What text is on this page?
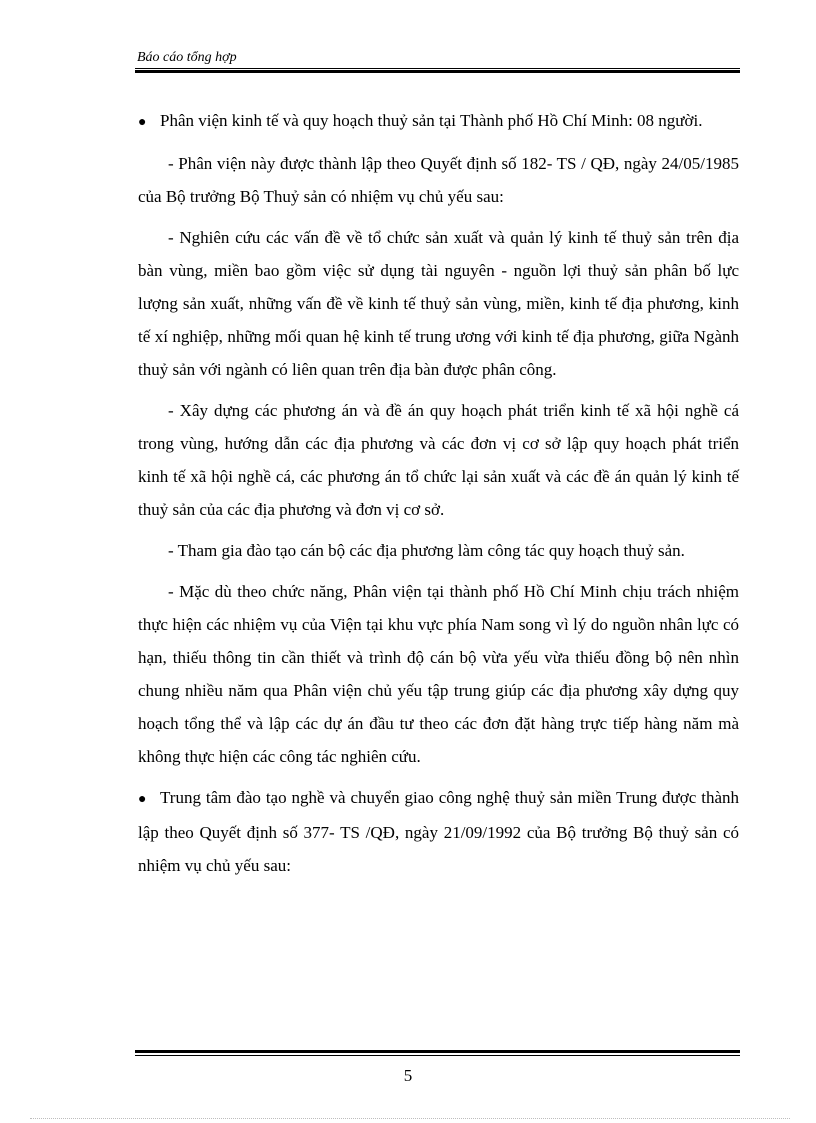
Báo cáo tổng hợp

● Phân viện kinh tế và quy hoạch thuỷ sản tại Thành phố Hồ Chí Minh: 08 người.

- Phân viện này được thành lập theo Quyết định số 182- TS / QĐ, ngày 24/05/1985 của Bộ trưởng Bộ Thuỷ sản có nhiệm vụ chủ yếu sau:

- Nghiên cứu các vấn đề về tổ chức sản xuất và quản lý kinh tế thuỷ sản trên địa bàn vùng, miền bao gồm việc sử dụng tài nguyên - nguồn lợi thuỷ sản phân bố lực lượng sản xuất, những vấn đề về kinh tế thuỷ sản vùng, miền, kinh tế địa phương, kinh tế xí nghiệp, những mối quan hệ kinh tế trung ương với kinh tế địa phương, giữa Ngành thuỷ sản với ngành có liên quan trên địa bàn được phân công.

- Xây dựng các phương án và đề án quy hoạch phát triển kinh tế xã hội nghề cá trong vùng, hướng dẫn các địa phương và các đơn vị cơ sở lập quy hoạch phát triển kinh tế xã hội nghề cá, các phương án tổ chức lại sản xuất và các đề án quản lý kinh tế thuỷ sản của các địa phương và đơn vị cơ sở.

- Tham gia đào tạo cán bộ các địa phương làm công tác quy hoạch thuỷ sản.

- Mặc dù theo chức năng, Phân viện tại thành phố Hồ Chí Minh chịu trách nhiệm thực hiện các nhiệm vụ của Viện tại khu vực phía Nam song vì lý do nguồn nhân lực có hạn, thiếu thông tin cần thiết và trình độ cán bộ vừa yếu vừa thiếu đồng bộ nên nhìn chung nhiều năm qua Phân viện chủ yếu tập trung giúp các địa phương xây dựng quy hoạch tổng thể và lập các dự án đầu tư theo các đơn đặt hàng trực tiếp hàng năm mà không thực hiện các công tác nghiên cứu.

● Trung tâm đào tạo nghề và chuyển giao công nghệ thuỷ sản miền Trung được thành lập theo Quyết định số 377- TS /QĐ, ngày 21/09/1992 của Bộ trưởng Bộ thuỷ sản có nhiệm vụ chủ yếu sau:

5
